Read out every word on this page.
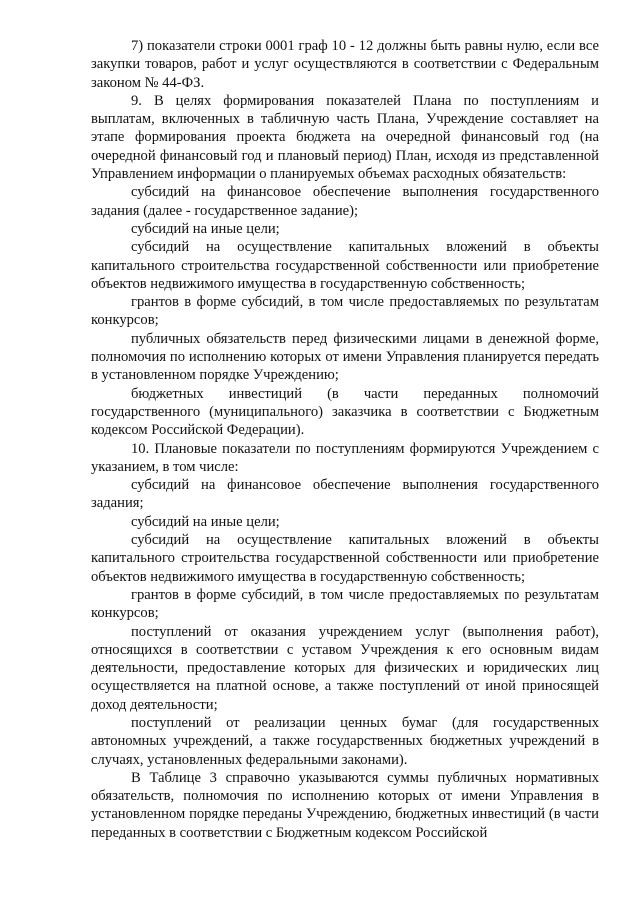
7) показатели строки 0001 граф 10 - 12 должны быть равны нулю, если все закупки товаров, работ и услуг осуществляются в соответствии с Федеральным законом № 44-ФЗ.

9. В целях формирования показателей Плана по поступлениям и выплатам, включенных в табличную часть Плана, Учреждение составляет на этапе формирования проекта бюджета на очередной финансовый год (на очередной финансовый год и плановый период) План, исходя из представленной Управлением информации о планируемых объемах расходных обязательств:

субсидий на финансовое обеспечение выполнения государственного задания (далее - государственное задание);

субсидий на иные цели;

субсидий на осуществление капитальных вложений в объекты капитального строительства государственной собственности или приобретение объектов недвижимого имущества в государственную собственность;

грантов в форме субсидий, в том числе предоставляемых по результатам конкурсов;

публичных обязательств перед физическими лицами в денежной форме, полномочия по исполнению которых от имени Управления планируется передать в установленном порядке Учреждению;

бюджетных инвестиций (в части переданных полномочий государственного (муниципального) заказчика в соответствии с Бюджетным кодексом Российской Федерации).

10. Плановые показатели по поступлениям формируются Учреждением с указанием, в том числе:

субсидий на финансовое обеспечение выполнения государственного задания;

субсидий на иные цели;

субсидий на осуществление капитальных вложений в объекты капитального строительства государственной собственности или приобретение объектов недвижимого имущества в государственную собственность;

грантов в форме субсидий, в том числе предоставляемых по результатам конкурсов;

поступлений от оказания учреждением услуг (выполнения работ), относящихся в соответствии с уставом Учреждения к его основным видам деятельности, предоставление которых для физических и юридических лиц осуществляется на платной основе, а также поступлений от иной приносящей доход деятельности;

поступлений от реализации ценных бумаг (для государственных автономных учреждений, а также государственных бюджетных учреждений в случаях, установленных федеральными законами).

В Таблице 3 справочно указываются суммы публичных нормативных обязательств, полномочия по исполнению которых от имени Управления в установленном порядке переданы Учреждению, бюджетных инвестиций (в части переданных в соответствии с Бюджетным кодексом Российской
